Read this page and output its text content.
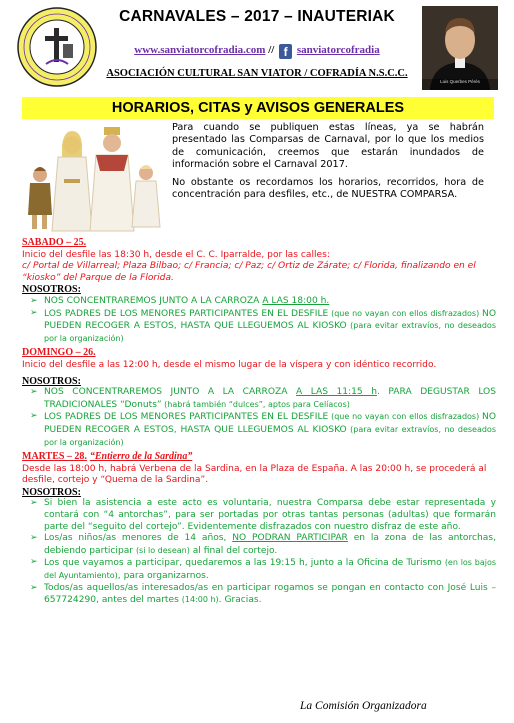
Luis Querbes Pérès
CARNAVALES – 2017 – INAUTERIAK
www.sanviatorcofradia.com // f sanviatorcofradia
ASOCIACIÓN CULTURAL SAN VIATOR / COFRADÍA N.S.C.C.
HORARIOS, CITAS y AVISOS GENERALES

Para cuando se publiquen estas líneas, ya se habrán presentado las Comparsas de Carnaval, por lo que los medios de comunicación, creemos que estarán inundados de información sobre el Carnaval 2017.

No obstante os recordamos los horarios, recorridos, hora de concentración para desfiles, etc., de NUESTRA COMPARSA.

SABADO – 25.

Inicio del desfile las 18:30 h, desde el C. C. Iparralde, por las calles:

c/ Portal de Villarreal; Plaza Bilbao; c/ Francia; c/ Paz; c/ Ortiz de Zárate; c/ Florida, finalizando en el “kiosko” del Parque de la Florida.

NOSOTROS:
➢ NOS CONCENTRAREMOS JUNTO A LA CARROZA A LAS 18:00 h.
➢ LOS PADRES DE LOS MENORES PARTICIPANTES EN EL DESFILE (que no vayan con ellos disfrazados) NO PUEDEN RECOGER A ESTOS, HASTA QUE LLEGUEMOS AL KIOSKO (para evitar extravíos, no deseados por la organización)
DOMINGO – 26.

Inicio del desfile a las 12:00 h, desde el mismo lugar de la víspera y con idéntico recorrido.

NOSOTROS:
➢ NOS CONCENTRAREMOS JUNTO A LA CARROZA A LAS 11:15 h. PARA DEGUSTAR LOS TRADICIONALES “Donuts” (habrá también “dulces”, aptos para Celíacos)
➢ LOS PADRES DE LOS MENORES PARTICIPANTES EN EL DESFILE (que no vayan con ellos disfrazados) NO PUEDEN RECOGER A ESTOS, HASTA QUE LLEGUEMOS AL KIOSKO (para evitar extravíos, no deseados por la organización)
MARTES – 28. “Entierro de la Sardina”

Desde las 18:00 h, habrá Verbena de la Sardina, en la Plaza de España. A las 20:00 h, se procederá al desfile, cortejo y “Quema de la Sardina”.

NOSOTROS:
➢ Si bien la asistencia a este acto es voluntaria, nuestra Comparsa debe estar representada y contará con “4 antorchas”, para ser portadas por otras tantas personas (adultas) que formarán parte del “seguito del cortejo”. Evidentemente disfrazados con nuestro disfraz de este año.
➢ Los/as niños/as menores de 14 años, NO PODRAN PARTICIPAR en la zona de las antorchas, debiendo participar (si lo desean) al final del cortejo.
➢ Los que vayamos a participar, quedaremos a las 19:15 h, junto a la Oficina de Turismo (en los bajos del Ayuntamiento), para organizarnos.
➢ Todos/as aquellos/as interesados/as en participar rogamos se pongan en contacto con José Luis – 657724290, antes del martes (14:00 h). Gracias.
La Comisión Organizadora
